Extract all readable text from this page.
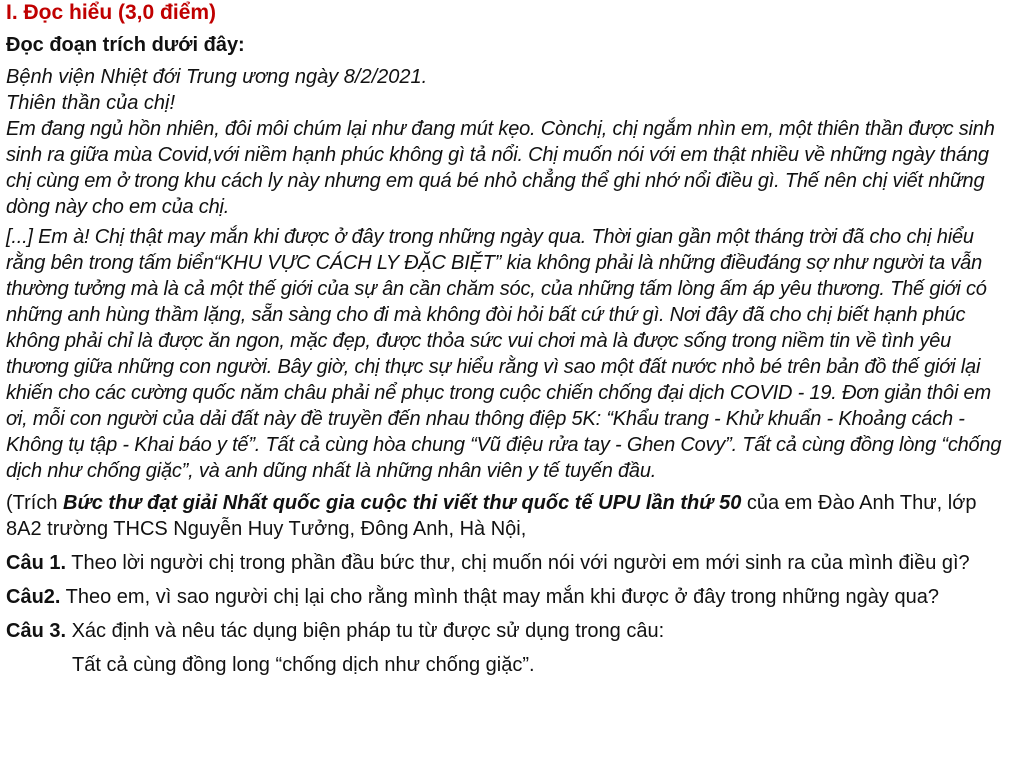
I. Đọc hiểu (3,0 điểm)
Đọc đoạn trích dưới đây:

Bệnh viện Nhiệt đới Trung ương ngày 8/2/2021.

Thiên thần của chị!

Em đang ngủ hồn nhiên, đôi môi chúm lại như đang mút kẹo. Cònchị, chị ngắm nhìn em, một thiên thần được sinh sinh ra giữa mùa Covid,với niềm hạnh phúc không gì tả nổi. Chị muốn nói với em thật nhiều về những ngày tháng chị cùng em ở trong khu cách ly này nhưng em quá bé nhỏ chẳng thể ghi nhớ nổi điều gì. Thế nên chị viết những dòng này cho em của chị.

[...] Em à! Chị thật may mắn khi được ở đây trong những ngày qua. Thời gian gần một tháng trời đã cho chị hiểu rằng bên trong tấm biển“KHU VỰC CÁCH LY ĐẶC BIỆT” kia không phải là những điềuđáng sợ như người ta vẫn thường tưởng mà là cả một thế giới của sự ân cần chăm sóc, của những tấm lòng ấm áp yêu thương. Thế giới có những anh hùng thầm lặng, sẵn sàng cho đi mà không đòi hỏi bất cứ thứ gì. Nơi đây đã cho chị biết hạnh phúc không phải chỉ là được ăn ngon, mặc đẹp, được thỏa sức vui chơi mà là được sống trong niềm tin về tình yêu thương giữa những con người. Bây giờ, chị thực sự hiểu rằng vì sao một đất nước nhỏ bé trên bản đồ thế giới lại khiến cho các cường quốc năm châu phải nể phục trong cuộc chiến chống đại dịch COVID - 19. Đơn giản thôi em ơi, mỗi con người của dải đất này đề truyền đến nhau thông điệp 5K: “Khẩu trang - Khử khuẩn - Khoảng cách - Không tụ tập - Khai báo y tế”. Tất cả cùng hòa chung “Vũ điệu rửa tay - Ghen Covy”. Tất cả cùng đồng lòng “chống dịch như chống giặc”, và anh dũng nhất là những nhân viên y tế tuyến đầu.

(Trích Bức thư đạt giải Nhất quốc gia cuộc thi viết thư quốc tế UPU lần thứ 50 của em Đào Anh Thư, lớp 8A2 trường THCS Nguyễn Huy Tưởng, Đông Anh, Hà Nội,

Câu 1. Theo lời người chị trong phần đầu bức thư, chị muốn nói với người em mới sinh ra của mình điều gì?

Câu2. Theo em, vì sao người chị lại cho rằng mình thật may mắn khi được ở đây trong những ngày qua?

Câu 3. Xác định và nêu tác dụng biện pháp tu từ được sử dụng trong câu:

Tất cả cùng đồng long “chống dịch như chống giặc”.
